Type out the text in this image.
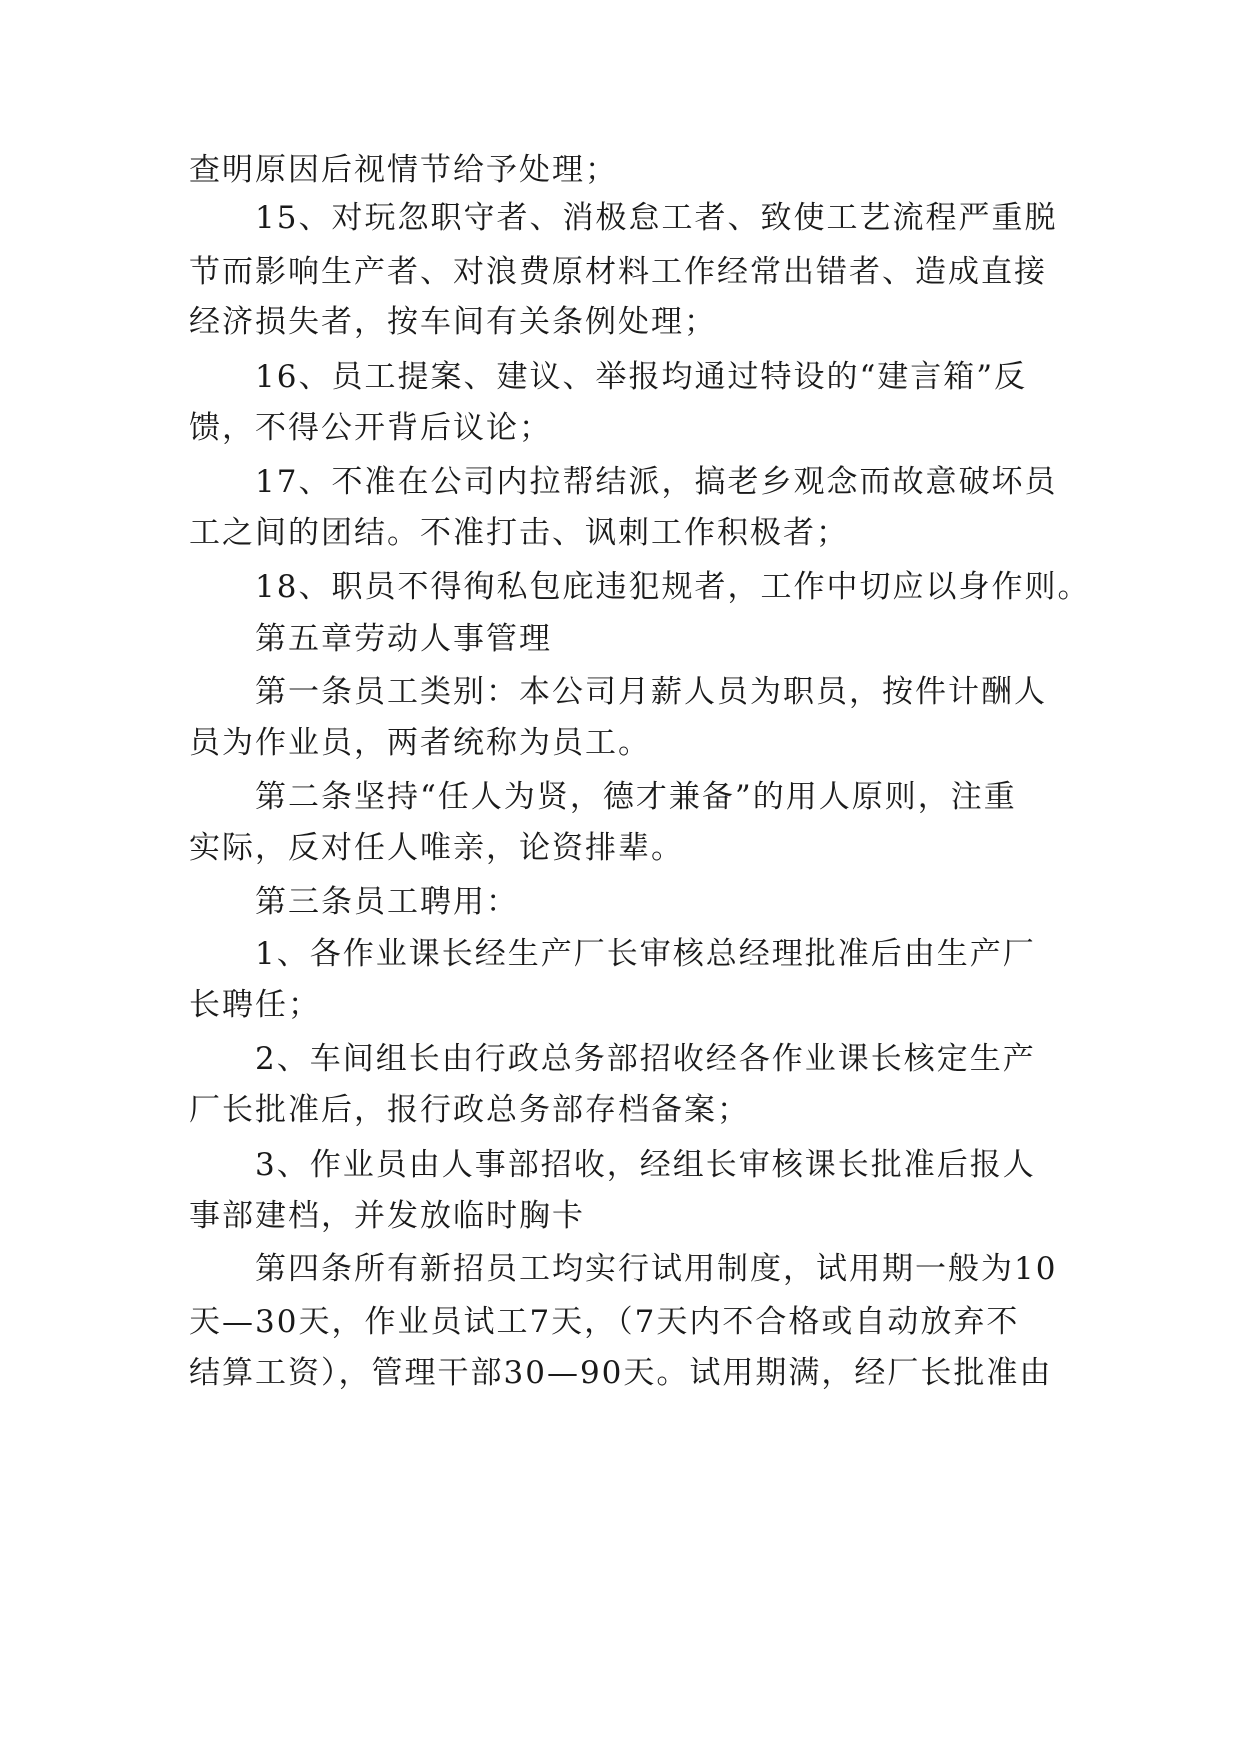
查明原因后视情节给予处理；
15、对玩忽职守者、消极怠工者、致使工艺流程严重脱
节而影响生产者、对浪费原材料工作经常出错者、造成直接
经济损失者，按车间有关条例处理；
16、员工提案、建议、举报均通过特设的“建言箱”反
馈，不得公开背后议论；
17、不准在公司内拉帮结派，搞老乡观念而故意破坏员
工之间的团结。不准打击、讽刺工作积极者；
18、职员不得徇私包庇违犯规者，工作中切应以身作则。
第五章劳动人事管理
第一条员工类别：本公司月薪人员为职员，按件计酬人
员为作业员，两者统称为员工。
第二条坚持“任人为贤，德才兼备”的用人原则，注重
实际，反对任人唯亲，论资排辈。
第三条员工聘用：
1、各作业课长经生产厂长审核总经理批准后由生产厂
长聘任；
2、车间组长由行政总务部招收经各作业课长核定生产
厂长批准后，报行政总务部存档备案；
3、作业员由人事部招收，经组长审核课长批准后报人
事部建档，并发放临时胸卡
第四条所有新招员工均实行试用制度，试用期一般为10
天—30天，作业员试工7天，（7天内不合格或自动放弃不
结算工资），管理干部30—90天。试用期满，经厂长批准由
